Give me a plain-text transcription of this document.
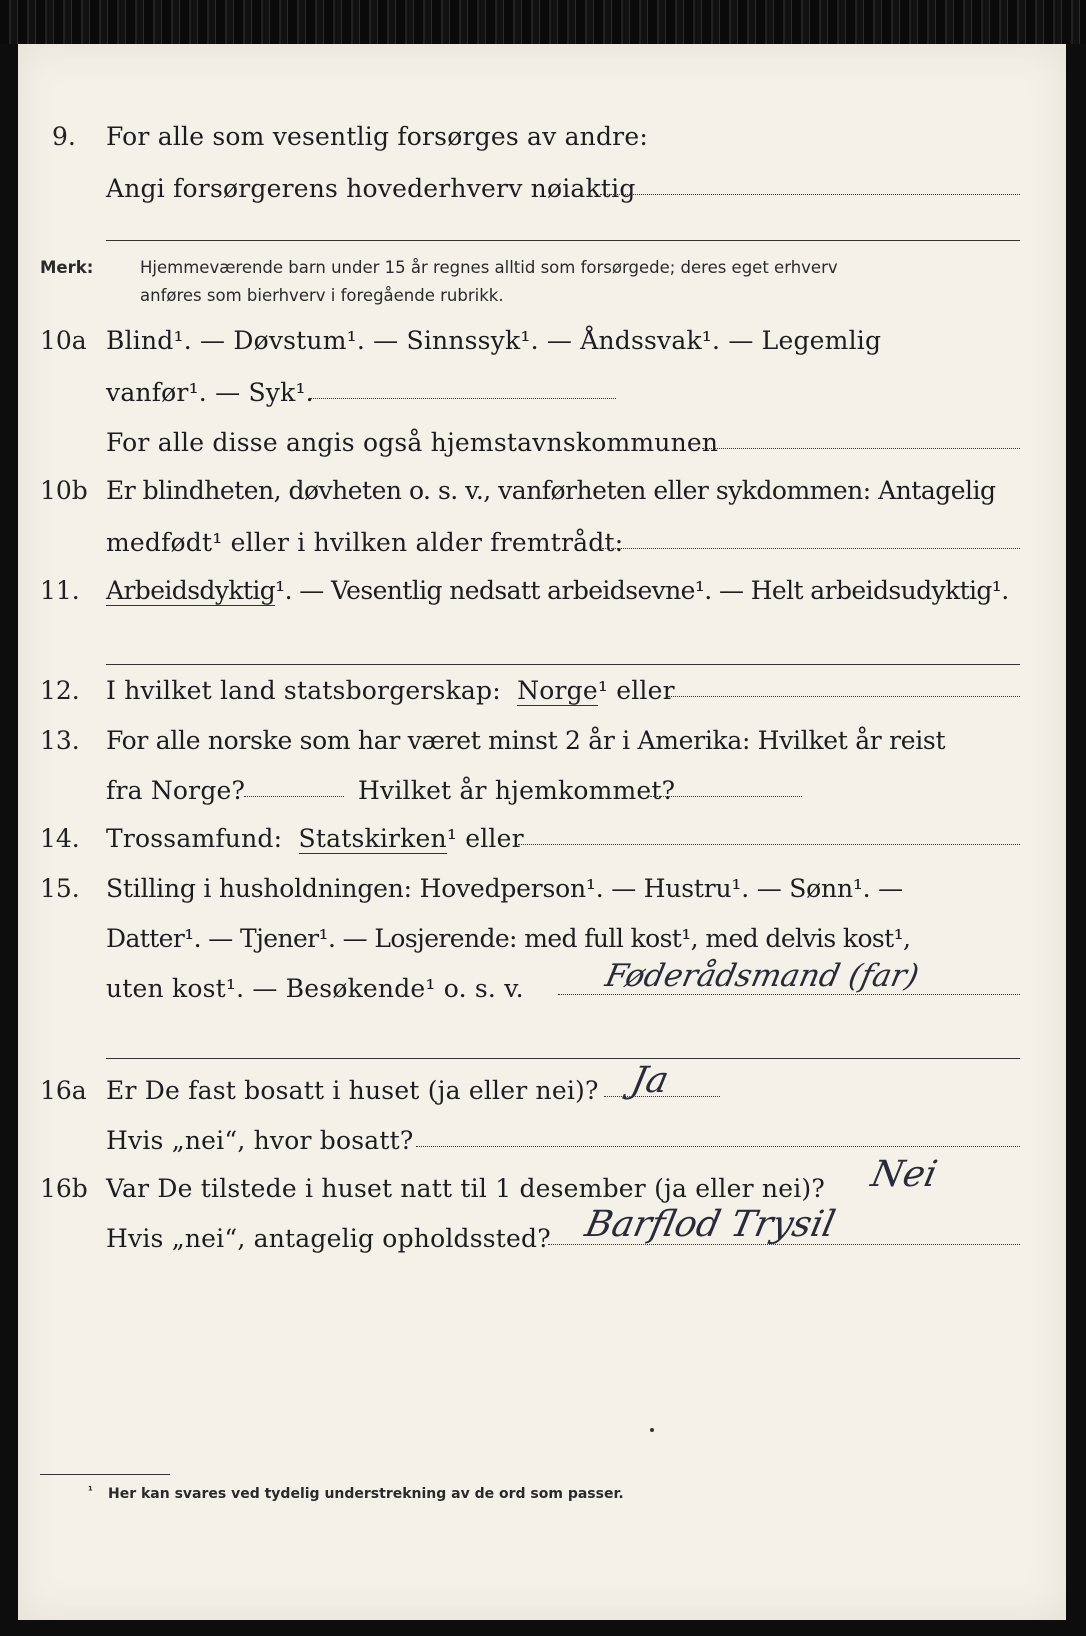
9. For alle som vesentlig forsørges av andre:
Angi forsørgerens hovederhverv nøiaktig
Merk:	Hjemmeværende barn under 15 år regnes alltid som forsørgede; deres eget erhverv
anføres som bierhverv i foregående rubrikk.
10a Blind¹. — Døvstum¹. — Sinnssyk¹. — Åndssvak¹. — Legemlig
vanfør¹. — Syk¹.
For alle disse angis også hjemstavnskommunen
10b Er blindheten, døvheten o. s. v., vanførheten eller sykdommen: Antagelig
medfødt¹ eller i hvilken alder fremtrådt:
11. Arbeidsdyktig¹. — Vesentlig nedsatt arbeidsevne¹. — Helt arbeidsudyktig¹.
12. I hvilket land statsborgerskap: Norge¹ eller
13. For alle norske som har været minst 2 år i Amerika: Hvilket år reist
fra Norge?	Hvilket år hjemkommet?
14. Trossamfund: Statskirken¹ eller
15. Stilling i husholdningen: Hovedperson¹. — Hustru¹. — Sønn¹. —
Datter¹. — Tjener¹. — Losjerende: med full kost¹, med delvis kost¹,
uten kost¹. — Besøkende¹ o. s. v.	Føderådsmand (far)
16a Er De fast bosatt i huset (ja eller nei)? Ja
Hvis „nei“, hvor bosatt?
16b Var De tilstede i huset natt til 1 desember (ja eller nei)? Nei
Hvis „nei“, antagelig opholdssted? Barflod Trysil
¹ Her kan svares ved tydelig understrekning av de ord som passer.
